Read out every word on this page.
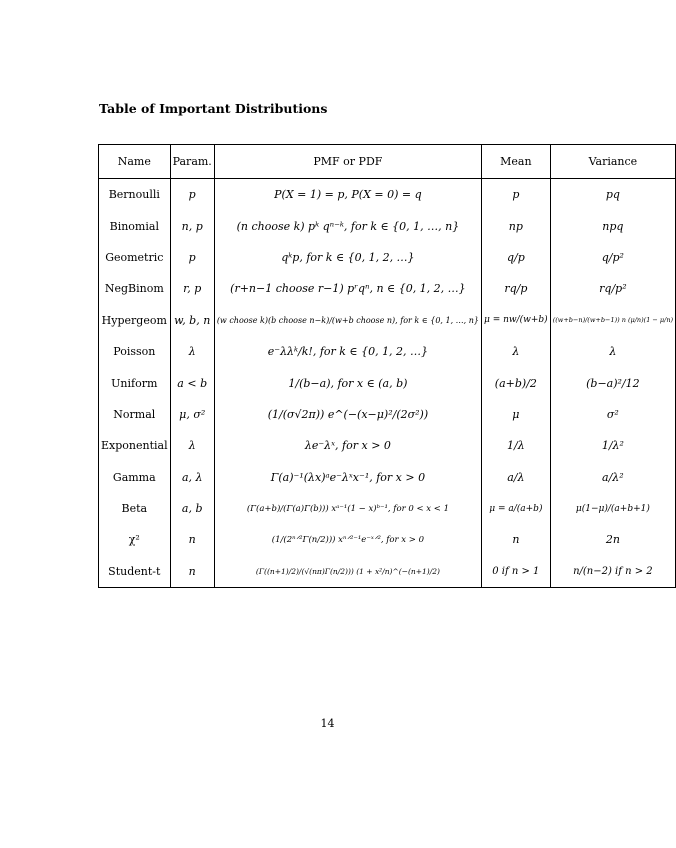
Table of Important Distributions
Name	Param.	PMF or PDF	Mean	Variance
Bernoulli	p	P(X = 1) = p, P(X = 0) = q	p	pq
Binomial	n, p	(n choose k) pᵏ qⁿ⁻ᵏ, for k ∈ {0, 1, …, n}	np	npq
Geometric	p	qᵏp, for k ∈ {0, 1, 2, …}	q/p	q/p²
NegBinom	r, p	(r+n−1 choose r−1) pʳqⁿ, n ∈ {0, 1, 2, …}	rq/p	rq/p²
Hypergeom	w, b, n	(w choose k)(b choose n−k)/(w+b choose n), for k ∈ {0, 1, …, n}	μ = nw/(w+b)	((w+b−n)/(w+b−1)) n (μ/n)(1 − μ/n)
Poisson	λ	e⁻λλᵏ/k!, for k ∈ {0, 1, 2, …}	λ	λ
Uniform	a < b	1/(b−a), for x ∈ (a, b)	(a+b)/2	(b−a)²/12
Normal	μ, σ²	(1/(σ√2π)) e^(−(x−μ)²/(2σ²))	μ	σ²
Exponential	λ	λe⁻λˣ, for x > 0	1/λ	1/λ²
Gamma	a, λ	Γ(a)⁻¹(λx)ᵃe⁻λˣx⁻¹, for x > 0	a/λ	a/λ²
Beta	a, b	(Γ(a+b)/(Γ(a)Γ(b))) xᵃ⁻¹(1 − x)ᵇ⁻¹, for 0 < x < 1	μ = a/(a+b)	μ(1−μ)/(a+b+1)
χ²	n	(1/(2ⁿᐟ²Γ(n/2))) xⁿᐟ²⁻¹e⁻ˣᐟ², for x > 0	n	2n
Student-t	n	(Γ((n+1)/2)/(√(nπ)Γ(n/2))) (1 + x²/n)^(−(n+1)/2)	0 if n > 1	n/(n−2) if n > 2
14
